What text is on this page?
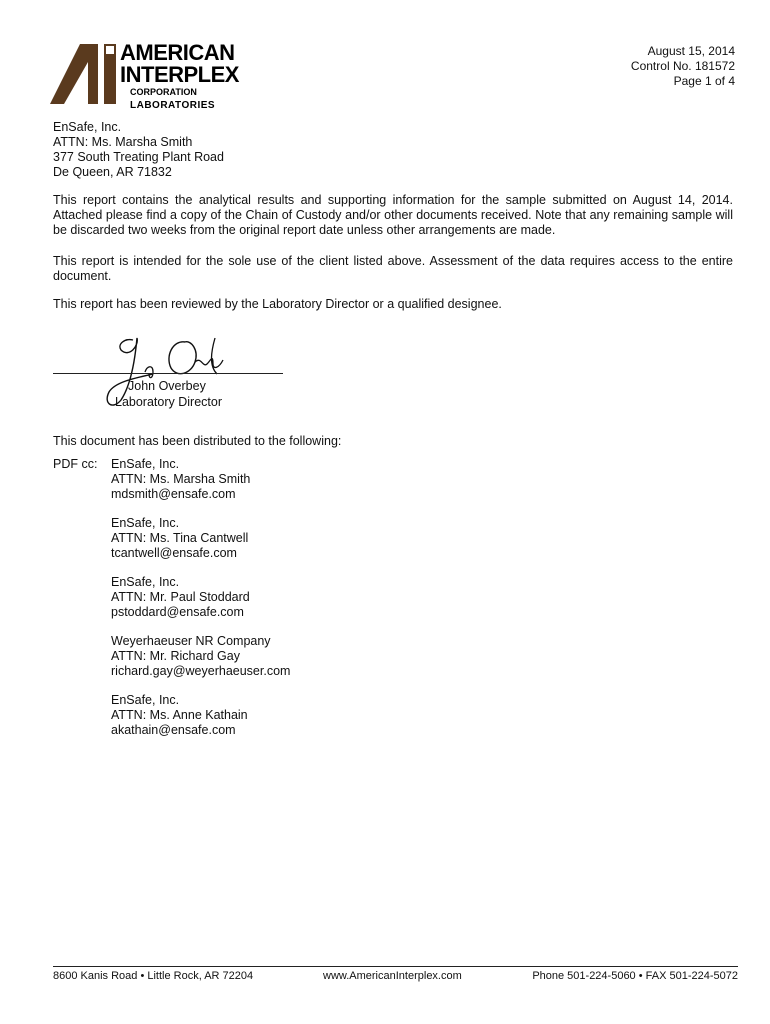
AMERICAN
INTERPLEX
CORPORATION
LABORATORIES
August 15, 2014
Control No. 181572
Page 1 of 4
EnSafe, Inc.
ATTN: Ms. Marsha Smith
377 South Treating Plant Road
De Queen, AR 71832

This report contains the analytical results and supporting information for the sample submitted on August 14, 2014. Attached please find a copy of the Chain of Custody and/or other documents received. Note that any remaining sample will be discarded two weeks from the original report date unless other arrangements are made.

This report is intended for the sole use of the client listed above. Assessment of the data requires access to the entire document.

This report has been reviewed by the Laboratory Director or a qualified designee.

John Overbey
Laboratory Director
This document has been distributed to the following:
PDF cc: EnSafe, Inc.
ATTN: Ms. Marsha Smith
mdsmith@ensafe.com
EnSafe, Inc.
ATTN: Ms. Tina Cantwell
tcantwell@ensafe.com
EnSafe, Inc.
ATTN: Mr. Paul Stoddard
pstoddard@ensafe.com
Weyerhaeuser NR Company
ATTN: Mr. Richard Gay
richard.gay@weyerhaeuser.com
EnSafe, Inc.
ATTN: Ms. Anne Kathain
akathain@ensafe.com
8600 Kanis Road • Little Rock, AR 72204	www.AmericanInterplex.com	Phone 501-224-5060 • FAX 501-224-5072
